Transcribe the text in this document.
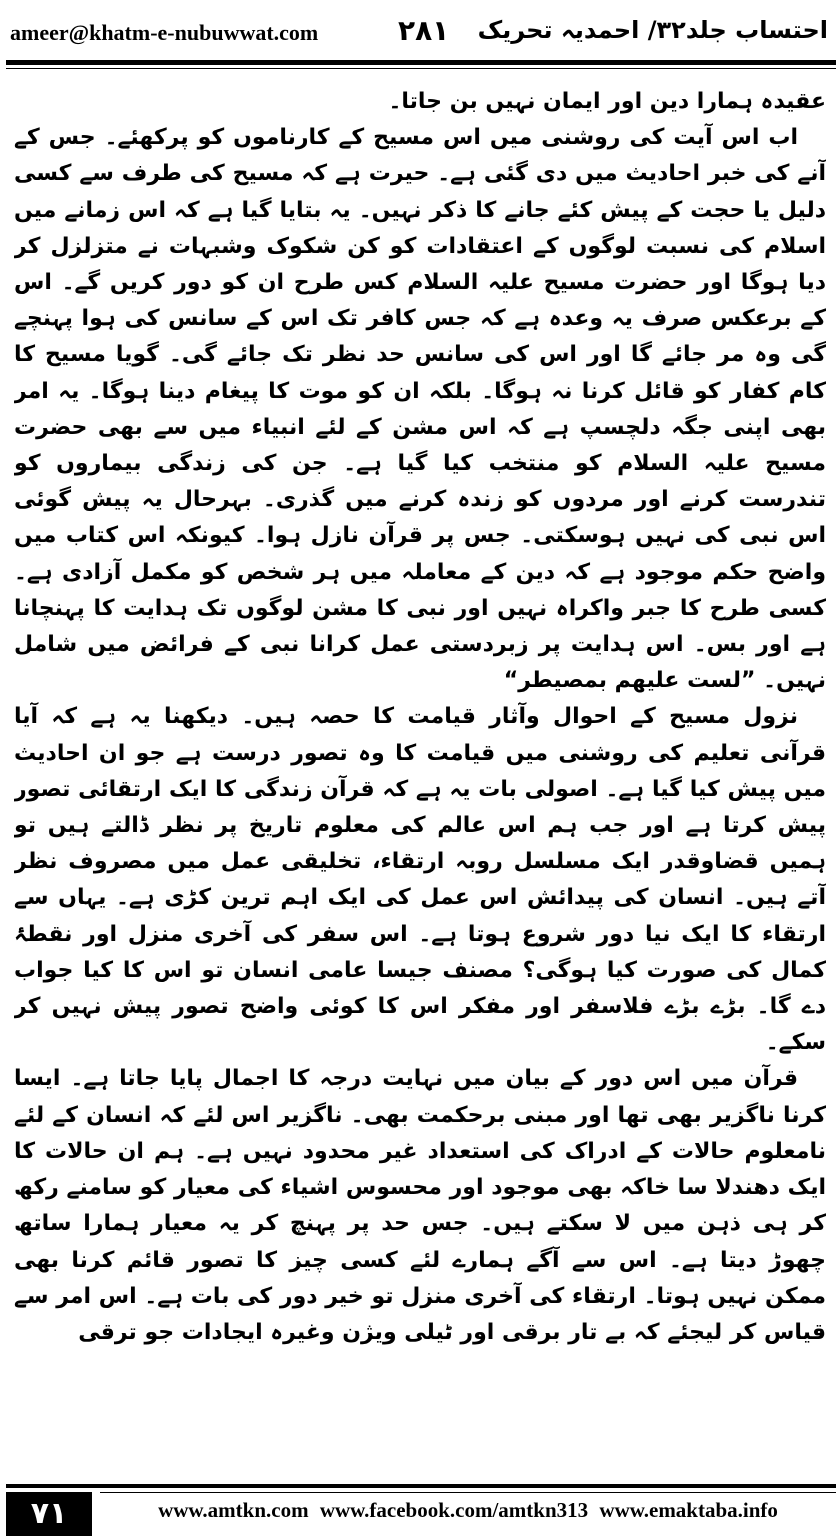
ameer@khatm-e-nubuwwat.com	۲۸۱ احتساب جلد۳۲/ احمدیہ تحریک

عقیدہ ہمارا دین اور ایمان نہیں بن جاتا۔

اب اس آیت کی روشنی میں اس مسیح کے کارناموں کو پرکھئے۔ جس کے آنے کی خبر احادیث میں دی گئی ہے۔ حیرت ہے کہ مسیح کی طرف سے کسی دلیل یا حجت کے پیش کئے جانے کا ذکر نہیں۔ یہ بتایا گیا ہے کہ اس زمانے میں اسلام کی نسبت لوگوں کے اعتقادات کو کن شکوک وشبہات نے متزلزل کر دیا ہوگا اور حضرت مسیح علیہ السلام کس طرح ان کو دور کریں گے۔ اس کے برعکس صرف یہ وعدہ ہے کہ جس کافر تک اس کے سانس کی ہوا پہنچے گی وہ مر جائے گا اور اس کی سانس حد نظر تک جائے گی۔ گویا مسیح کا کام کفار کو قائل کرنا نہ ہوگا۔ بلکہ ان کو موت کا پیغام دینا ہوگا۔ یہ امر بھی اپنی جگہ دلچسپ ہے کہ اس مشن کے لئے انبیاء میں سے بھی حضرت مسیح علیہ السلام کو منتخب کیا گیا ہے۔ جن کی زندگی بیماروں کو تندرست کرنے اور مردوں کو زندہ کرنے میں گذری۔ بہرحال یہ پیش گوئی اس نبی کی نہیں ہوسکتی۔ جس پر قرآن نازل ہوا۔ کیونکہ اس کتاب میں واضح حکم موجود ہے کہ دین کے معاملہ میں ہر شخص کو مکمل آزادی ہے۔ کسی طرح کا جبر واکراہ نہیں اور نبی کا مشن لوگوں تک ہدایت کا پہنچانا ہے اور بس۔ اس ہدایت پر زبردستی عمل کرانا نبی کے فرائض میں شامل نہیں۔ ”لست علیھم بمصیطر“

نزول مسیح کے احوال وآثار قیامت کا حصہ ہیں۔ دیکھنا یہ ہے کہ آیا قرآنی تعلیم کی روشنی میں قیامت کا وہ تصور درست ہے جو ان احادیث میں پیش کیا گیا ہے۔ اصولی بات یہ ہے کہ قرآن زندگی کا ایک ارتقائی تصور پیش کرتا ہے اور جب ہم اس عالم کی معلوم تاریخ پر نظر ڈالتے ہیں تو ہمیں قضاوقدر ایک مسلسل روبہ ارتقاء، تخلیقی عمل میں مصروف نظر آتے ہیں۔ انسان کی پیدائش اس عمل کی ایک اہم ترین کڑی ہے۔ یہاں سے ارتقاء کا ایک نیا دور شروع ہوتا ہے۔ اس سفر کی آخری منزل اور نقطۂ کمال کی صورت کیا ہوگی؟ مصنف جیسا عامی انسان تو اس کا کیا جواب دے گا۔ بڑے بڑے فلاسفر اور مفکر اس کا کوئی واضح تصور پیش نہیں کر سکے۔

قرآن میں اس دور کے بیان میں نہایت درجہ کا اجمال پایا جاتا ہے۔ ایسا کرنا ناگزیر بھی تھا اور مبنی برحکمت بھی۔ ناگزیر اس لئے کہ انسان کے لئے نامعلوم حالات کے ادراک کی استعداد غیر محدود نہیں ہے۔ ہم ان حالات کا ایک دھندلا سا خاکہ بھی موجود اور محسوس اشیاء کی معیار کو سامنے رکھ کر ہی ذہن میں لا سکتے ہیں۔ جس حد پر پہنچ کر یہ معیار ہمارا ساتھ چھوڑ دیتا ہے۔ اس سے آگے ہمارے لئے کسی چیز کا تصور قائم کرنا بھی ممکن نہیں ہوتا۔ ارتقاء کی آخری منزل تو خیر دور کی بات ہے۔ اس امر سے قیاس کر لیجئے کہ بے تار برقی اور ٹیلی ویژن وغیرہ ایجادات جو ترقی

۷۱	www.amtkn.com www.facebook.com/amtkn313 www.emaktaba.info
